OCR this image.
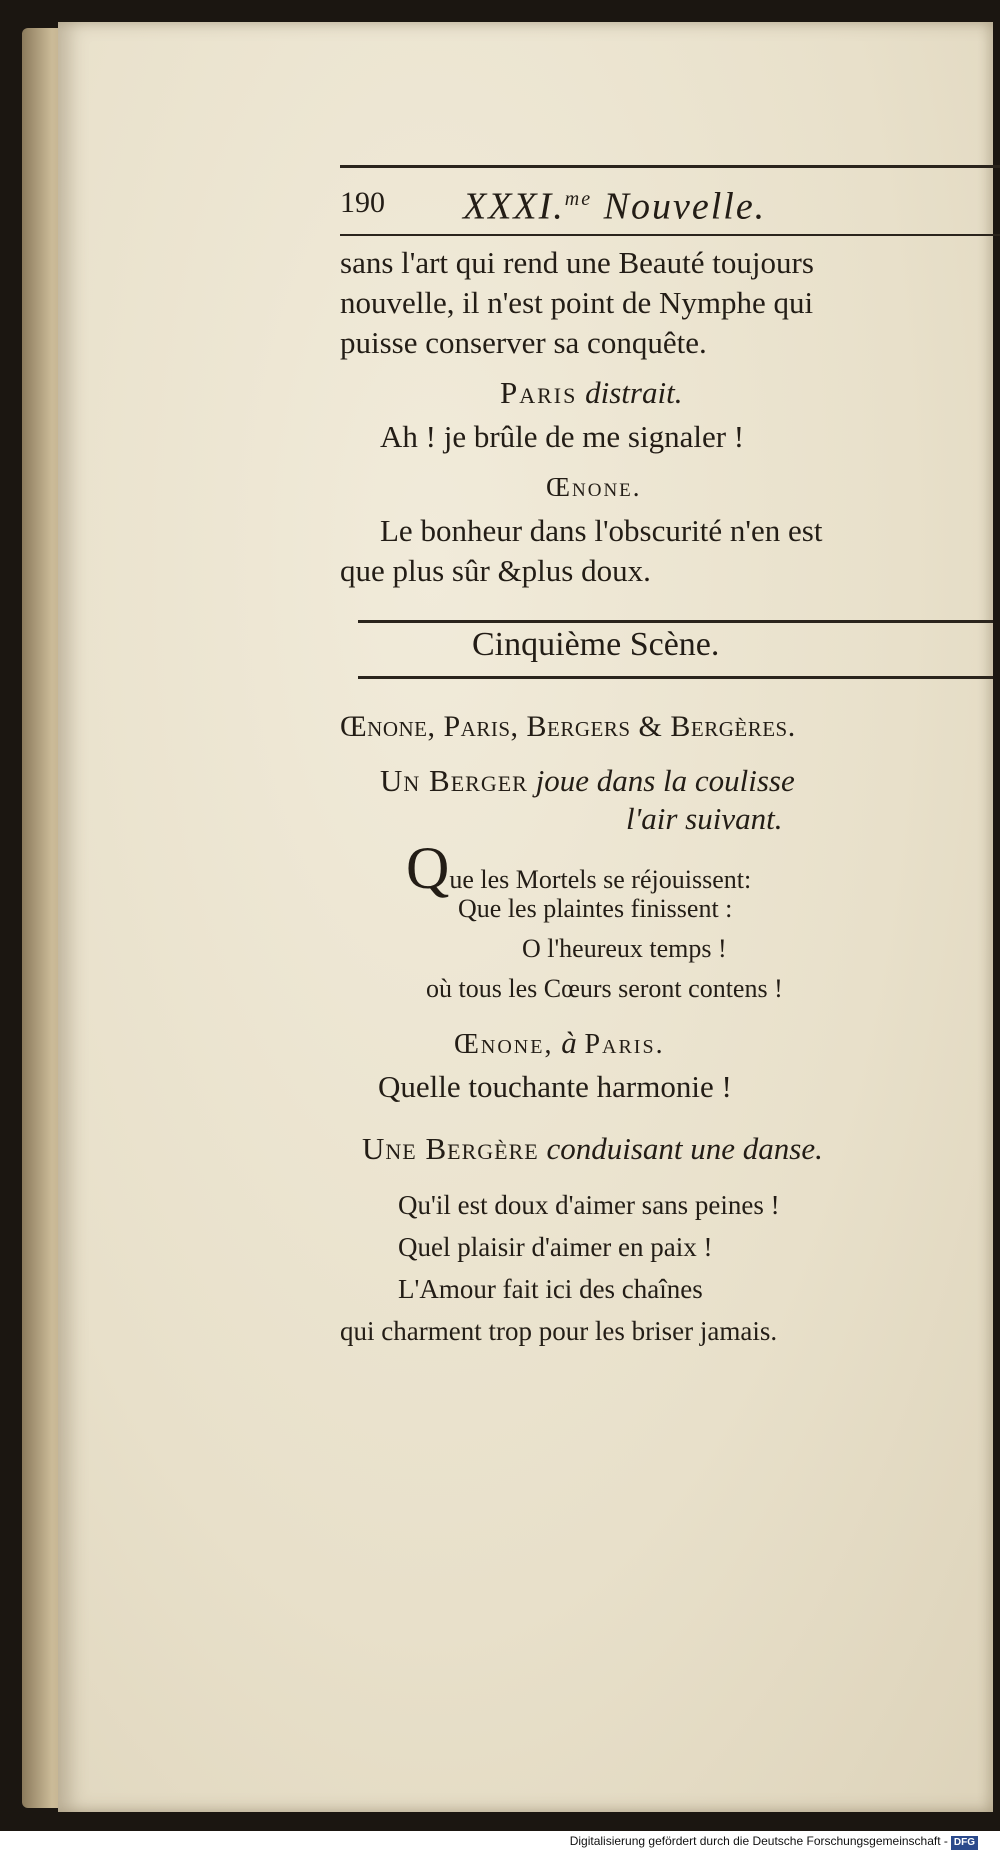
190 XXXI.$^{me}$ Nouvelle.
sans l'art qui rend une Beauté toujours
nouvelle, il n'est point de Nymphe qui
puisse conserver sa conquête.
Paris distrait.
Ah ! je brûle de me signaler !
Œnone.
Le bonheur dans l'obscurité n'en est
que plus sûr &plus doux.
Cinquième Scène.
Œnone, Paris, Bergers & Bergères.
Un Berger joue dans la coulisse
l'air suivant.
Que les Mortels se réjouissent:
Que les plaintes finissent :
O l'heureux temps !
où tous les Cœurs seront contens !
Œnone, à Paris.
Quelle touchante harmonie !
Une Bergère conduisant une danse.
Qu'il est doux d'aimer sans peines !
Quel plaisir d'aimer en paix !
L'Amour fait ici des chaînes
qui charment trop pour les briser jamais.
Digitalisierung gefördert durch die Deutsche Forschungsgemeinschaft - DFG
